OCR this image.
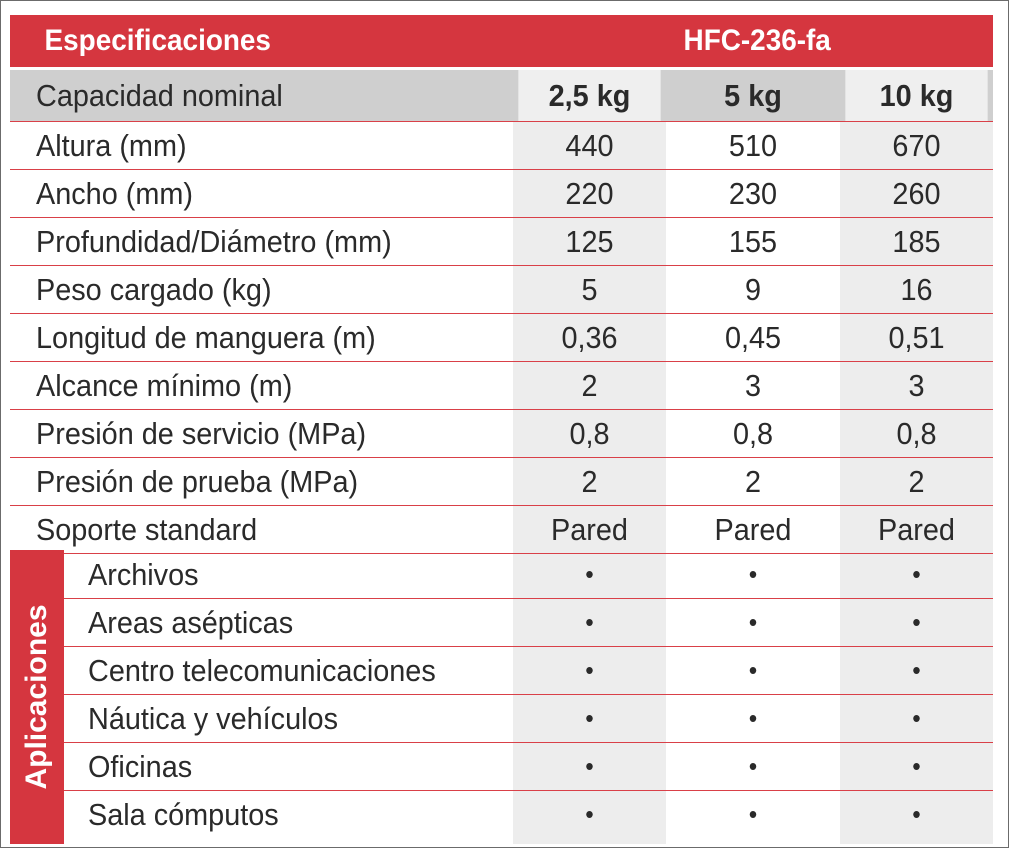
Especificaciones	HFC-236-fa
Capacidad nominal	2,5 kg	5 kg	10 kg
Altura (mm)	440	510	670
Ancho (mm)	220	230	260
Profundidad/Diámetro (mm)	125	155	185
Peso cargado (kg)	5	9	16
Longitud de manguera (m)	0,36	0,45	0,51
Alcance mínimo (m)	2	3	3
Presión de servicio (MPa)	0,8	0,8	0,8
Presión de prueba (MPa)	2	2	2
Soporte standard	Pared	Pared	Pared
Aplicaciones
Archivos	•	•	•
Areas asépticas	•	•	•
Centro telecomunicaciones	•	•	•
Náutica y vehículos	•	•	•
Oficinas	•	•	•
Sala cómputos	•	•	•
